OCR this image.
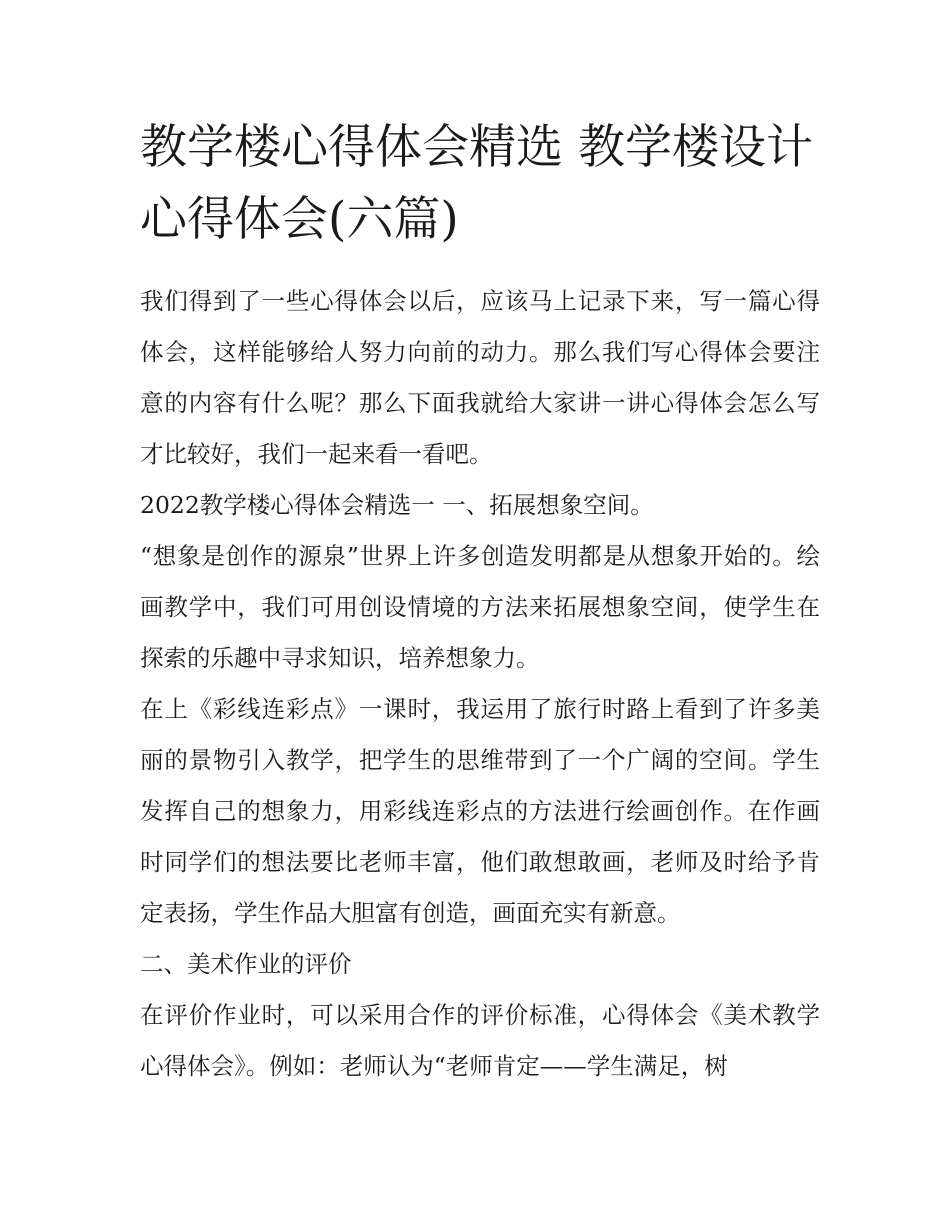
教学楼心得体会精选 教学楼设计心得体会(六篇)

我们得到了一些心得体会以后，应该马上记录下来，写一篇心得体会，这样能够给人努力向前的动力。那么我们写心得体会要注意的内容有什么呢？那么下面我就给大家讲一讲心得体会怎么写才比较好，我们一起来看一看吧。

2022教学楼心得体会精选一 一、拓展想象空间。

“想象是创作的源泉”世界上许多创造发明都是从想象开始的。绘画教学中，我们可用创设情境的方法来拓展想象空间，使学生在探索的乐趣中寻求知识，培养想象力。

在上《彩线连彩点》一课时，我运用了旅行时路上看到了许多美丽的景物引入教学，把学生的思维带到了一个广阔的空间。学生发挥自己的想象力，用彩线连彩点的方法进行绘画创作。在作画时同学们的想法要比老师丰富，他们敢想敢画，老师及时给予肯定表扬，学生作品大胆富有创造，画面充实有新意。

二、美术作业的评价

在评价作业时，可以采用合作的评价标准，心得体会《美术教学心得体会》。例如：老师认为“老师肯定——学生满足，树
